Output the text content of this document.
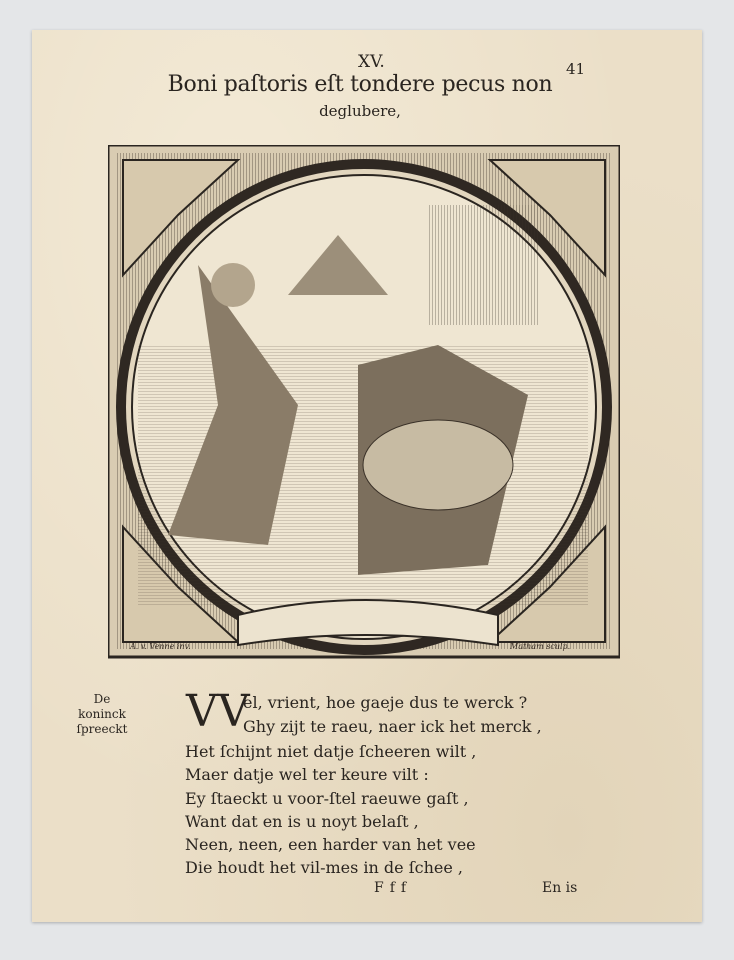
XV.	41
Boni paſtoris eſt tondere pecus non
deglubere,
A. v. Venne inv.	Matham sculp.
De
koninck
ſpreeckt VV
el, vrient, hoe gaeje dus te werck ?
Ghy zijt te raeu, naer ick het merck ,
Het ſchijnt niet datje ſcheeren wilt ,
Maer datje wel ter keure vilt :
Ey ſtaeckt u voor-ſtel raeuwe gaſt ,
Want dat en is u noyt belaſt ,
Neen, neen, een harder van het vee
Die houdt het vil-mes in de ſchee ,
Fff	En is
